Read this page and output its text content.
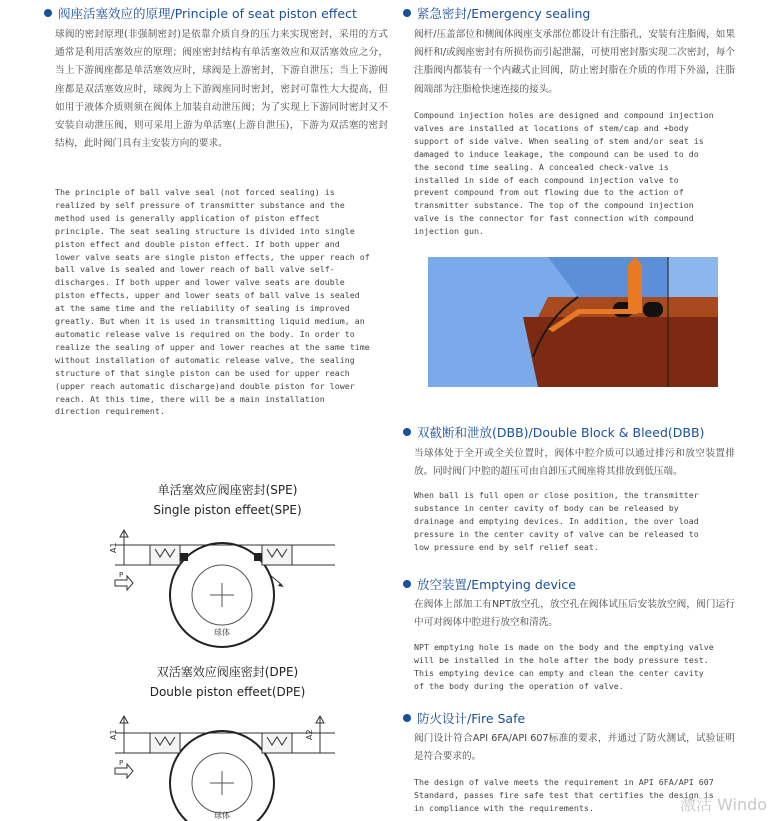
阀座活塞效应的原理/Principle of seat piston effect
球阀的密封原理(非强制密封)是依靠介质自身的压力来实现密封，采用的方式通常是利用活塞效应的原理；阀座密封结构有单活塞效应和双活塞效应之分，当上下游阀座都是单活塞效应时，球阀是上游密封，下游自泄压；当上下游阀座都是双活塞效应时，球阀为上下游阀座同时密封，密封可靠性大大提高，但如用于液体介质则须在阀体上加装自动泄压阀；为了实现上下游同时密封又不安装自动泄压阀，则可采用上游为单活塞(上游自泄压)，下游为双活塞的密封结构，此时阀门具有主安装方向的要求。
The principle of ball valve seal (not forced sealing) is
realized by self pressure of transmitter substance and the
method used is generally application of piston effect
principle. The seat sealing structure is divided into single
piston effect and double piston effect. If both upper and
lower valve seats are single piston effects, the upper reach of
ball valve is sealed and lower reach of ball valve self-
discharges. If both upper and lower valve seats are double
piston effects, upper and lower seats of ball valve is sealed
at the same time and the reliability of sealing is improved
greatly. But when it is used in transmitting liquid medium, an
automatic release valve is required on the body. In order to
realize the sealing of upper and lower reaches at the same time
without installation of automatic release valve, the sealing
structure of that single piston can be used for upper reach
(upper reach automatic discharge)and double piston for lower
reach. At this time, there will be a main installation
direction requirement.
单活塞效应阀座密封(SPE)
Single piston effeet(SPE)
A1
P
球体
双活塞效应阀座密封(DPE)
Double piston effeet(DPE)
A1	A2
P
球体
紧急密封/Emergency sealing
阀杆/压盖部位和侧阀体阀座支承部位都设计有注脂孔，安装有注脂阀，如果阀杆和/或阀座密封有所损伤而引起泄漏，可使用密封脂实现二次密封，每个注脂阀内都装有一个内藏式止回阀，防止密封脂在介质的作用下外溢，注脂阀端部为注脂枪快速连接的接头。
Compound injection holes are designed and compound injection
valves are installed at locations of stem/cap and +body
support of side valve. When sealing of stem and/or seat is
damaged to induce leakage, the compound can be used to do
the second time sealing. A concealed check-valve is
installed in side of each compound injection valve to
prevent compound from out flowing due to the action of
transmitter substance. The top of the compound injection
valve is the connector for fast connection with compound
injection gun.
双截断和泄放(DBB)/Double Block & Bleed(DBB)
当球体处于全开或全关位置时，阀体中腔介质可以通过排污和放空装置排放。同时阀门中腔的超压可由自卸压式阀座将其排放到低压端。
When ball is full open or close position, the transmitter
substance in center cavity of body can be released by
drainage and emptying devices. In addition, the over load
pressure in the center cavity of valve can be released to
low pressure end by self relief seat.
放空装置/Emptying device
在阀体上部加工有NPT放空孔，放空孔在阀体试压后安装放空阀，阀门运行中可对阀体中腔进行放空和清洗。
NPT emptying hole is made on the body and the emptying valve
will be installed in the hole after the body pressure test.
This emptying device can empty and clean the center cavity
of the body during the operation of valve.
防火设计/Fire Safe
阀门设计符合API 6FA/API 607标准的要求，并通过了防火测试，试验证明是符合要求的。
The design of valve meets the requirement in API 6FA/API 607
Standard, passes fire safe test that certifies the design is
in compliance with the requirements.	激活 Windo
